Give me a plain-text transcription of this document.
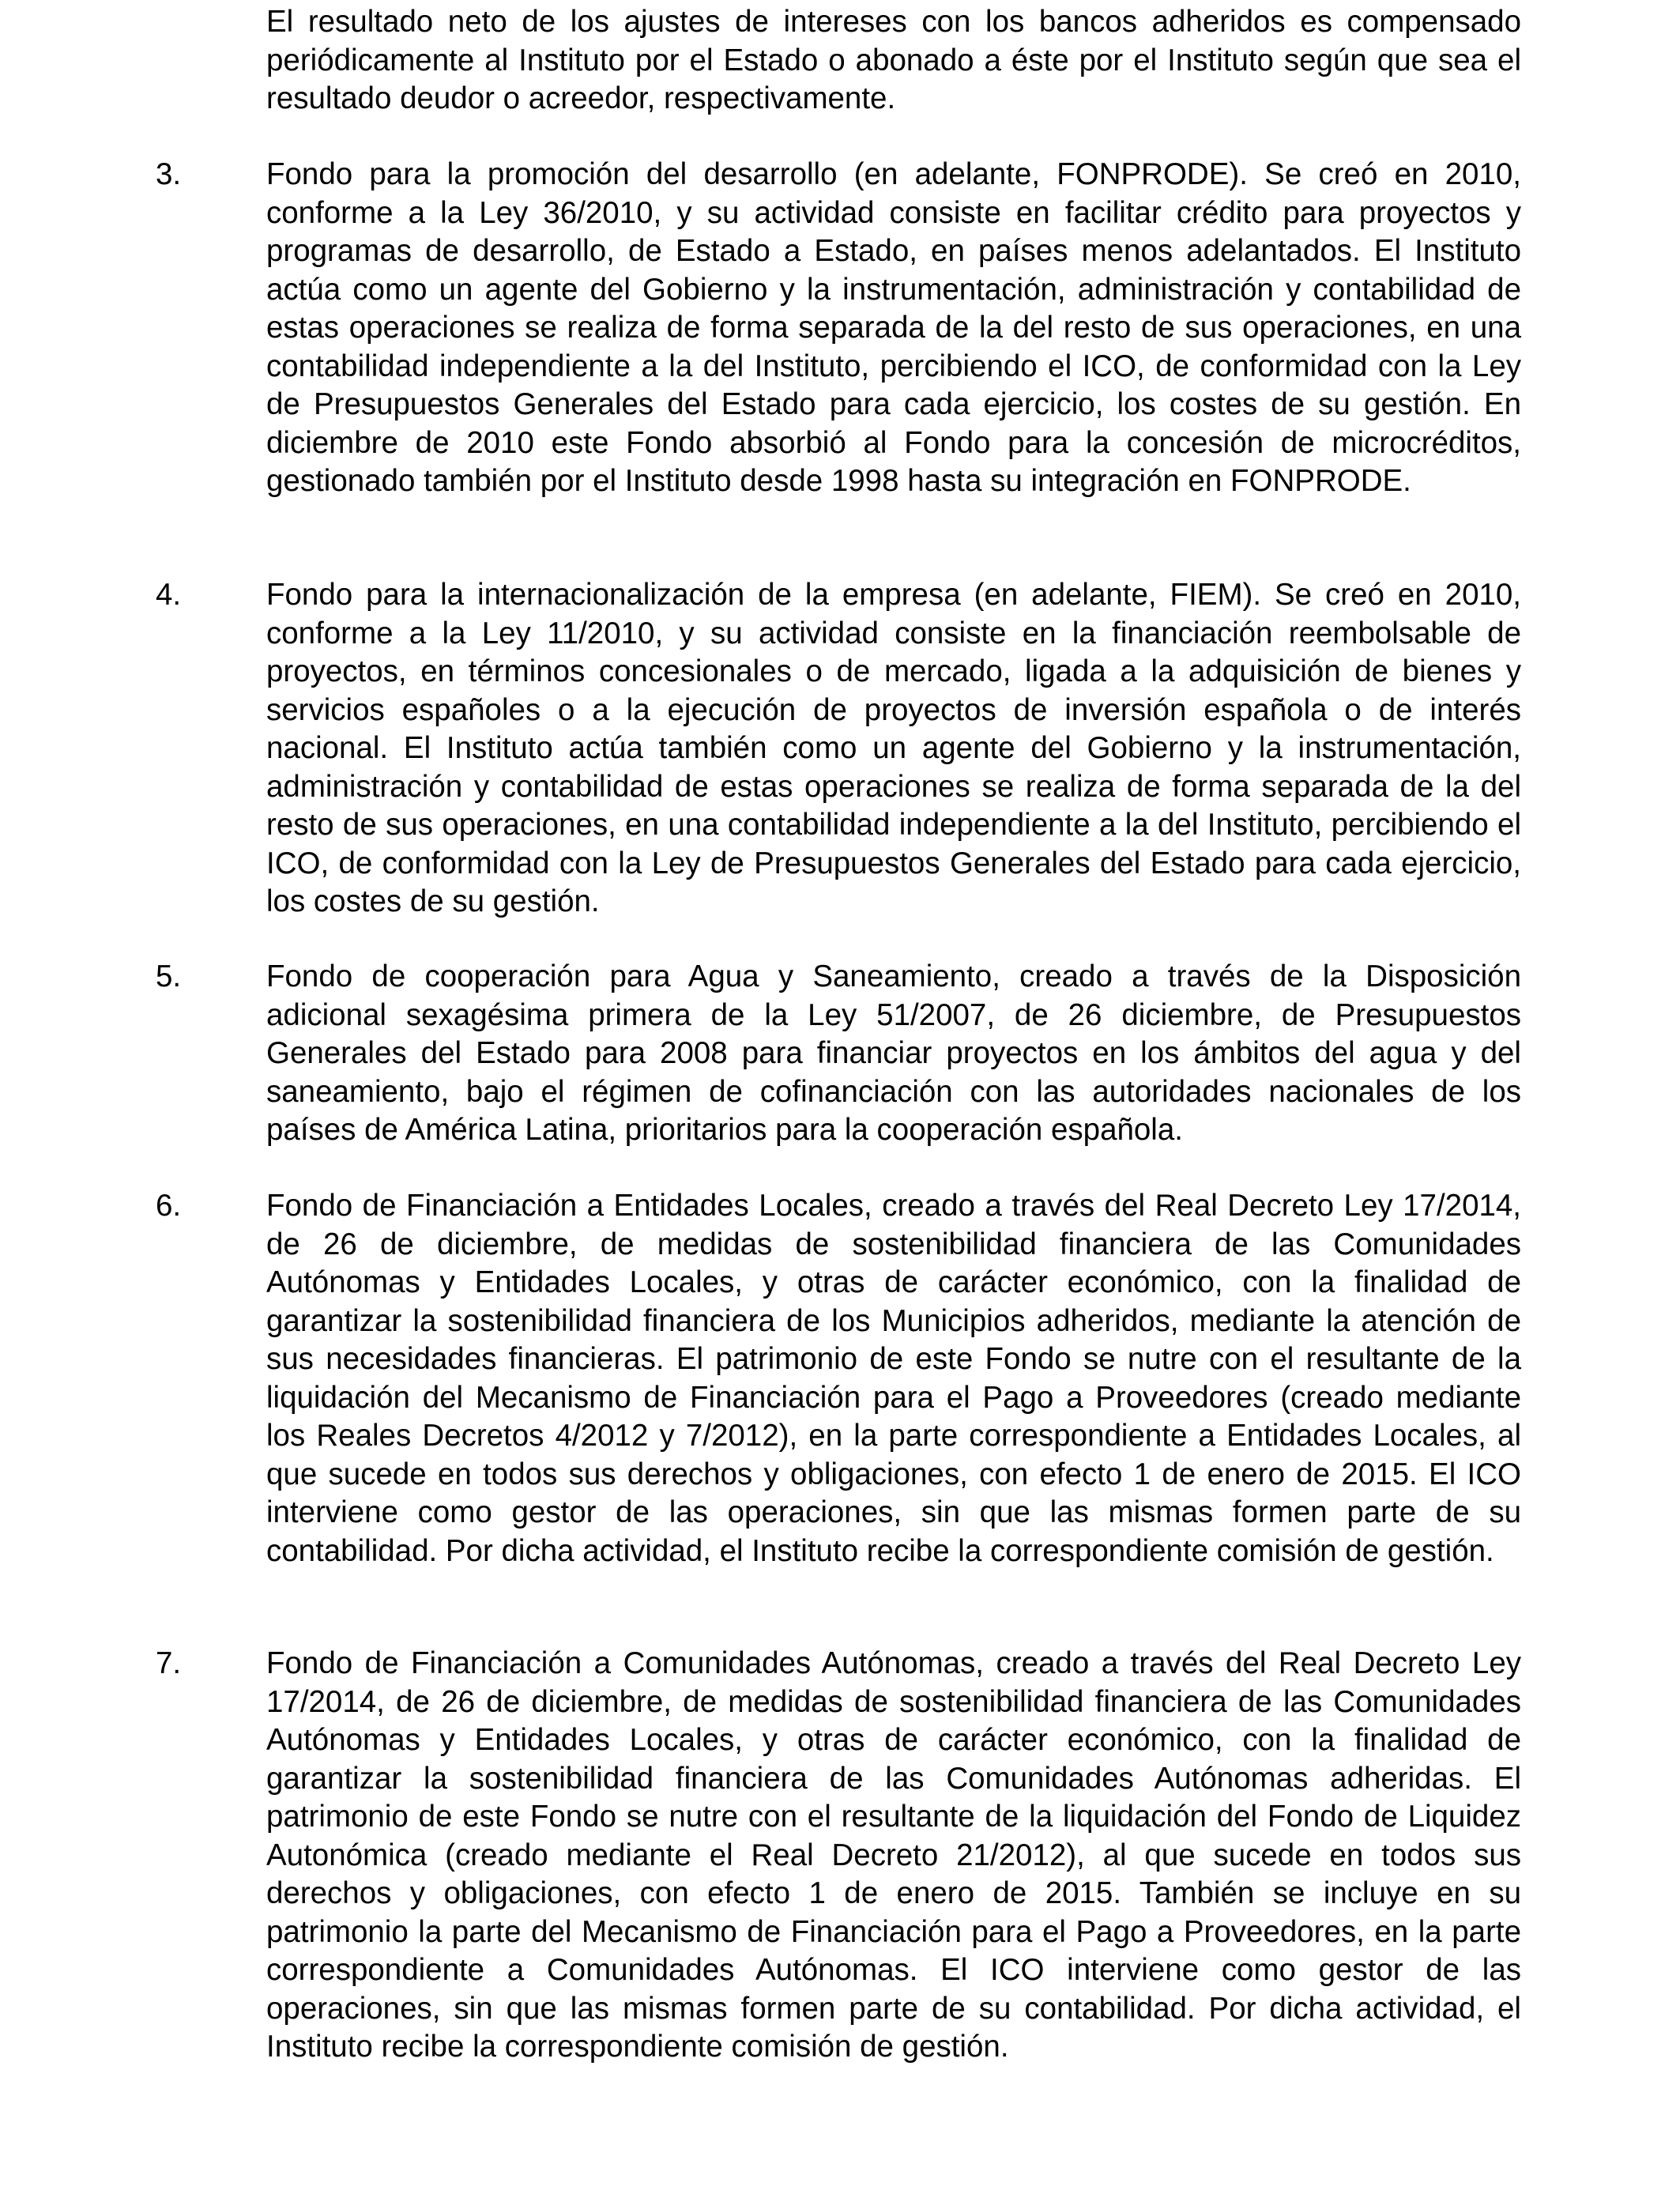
El resultado neto de los ajustes de intereses con los bancos adheridos es compensado periódicamente al Instituto por el Estado o abonado a éste por el Instituto según que sea el resultado deudor o acreedor, respectivamente.

3.	Fondo para la promoción del desarrollo (en adelante, FONPRODE). Se creó en 2010, conforme a la Ley 36/2010, y su actividad consiste en facilitar crédito para proyectos y programas de desarrollo, de Estado a Estado, en países menos adelantados. El Instituto actúa como un agente del Gobierno y la instrumentación, administración y contabilidad de estas operaciones se realiza de forma separada de la del resto de sus operaciones, en una contabilidad independiente a la del Instituto, percibiendo el ICO, de conformidad con la Ley de Presupuestos Generales del Estado para cada ejercicio, los costes de su gestión. En diciembre de 2010 este Fondo absorbió al Fondo para la concesión de microcréditos, gestionado también por el Instituto desde 1998 hasta su integración en FONPRODE.

4.	Fondo para la internacionalización de la empresa (en adelante, FIEM). Se creó en 2010, conforme a la Ley 11/2010, y su actividad consiste en la financiación reembolsable de proyectos, en términos concesionales o de mercado, ligada a la adquisición de bienes y servicios españoles o a la ejecución de proyectos de inversión española o de interés nacional. El Instituto actúa también como un agente del Gobierno y la instrumentación, administración y contabilidad de estas operaciones se realiza de forma separada de la del resto de sus operaciones, en una contabilidad independiente a la del Instituto, percibiendo el ICO, de conformidad con la Ley de Presupuestos Generales del Estado para cada ejercicio, los costes de su gestión.

5.	Fondo de cooperación para Agua y Saneamiento, creado a través de la Disposición adicional sexagésima primera de la Ley 51/2007, de 26 diciembre, de Presupuestos Generales del Estado para 2008 para financiar proyectos en los ámbitos del agua y del saneamiento, bajo el régimen de cofinanciación con las autoridades nacionales de los países de América Latina, prioritarios para la cooperación española.

6.	Fondo de Financiación a Entidades Locales, creado a través del Real Decreto Ley 17/2014, de 26 de diciembre, de medidas de sostenibilidad financiera de las Comunidades Autónomas y Entidades Locales, y otras de carácter económico, con la finalidad de garantizar la sostenibilidad financiera de los Municipios adheridos, mediante la atención de sus necesidades financieras. El patrimonio de este Fondo se nutre con el resultante de la liquidación del Mecanismo de Financiación para el Pago a Proveedores (creado mediante los Reales Decretos 4/2012 y 7/2012), en la parte correspondiente a Entidades Locales, al que sucede en todos sus derechos y obligaciones, con efecto 1 de enero de 2015. El ICO interviene como gestor de las operaciones, sin que las mismas formen parte de su contabilidad. Por dicha actividad, el Instituto recibe la correspondiente comisión de gestión.

7.	Fondo de Financiación a Comunidades Autónomas, creado a través del Real Decreto Ley 17/2014, de 26 de diciembre, de medidas de sostenibilidad financiera de las Comunidades Autónomas y Entidades Locales, y otras de carácter económico, con la finalidad de garantizar la sostenibilidad financiera de las Comunidades Autónomas adheridas. El patrimonio de este Fondo se nutre con el resultante de la liquidación del Fondo de Liquidez Autonómica (creado mediante el Real Decreto 21/2012), al que sucede en todos sus derechos y obligaciones, con efecto 1 de enero de 2015. También se incluye en su patrimonio la parte del Mecanismo de Financiación para el Pago a Proveedores, en la parte correspondiente a Comunidades Autónomas. El ICO interviene como gestor de las operaciones, sin que las mismas formen parte de su contabilidad. Por dicha actividad, el Instituto recibe la correspondiente comisión de gestión.
